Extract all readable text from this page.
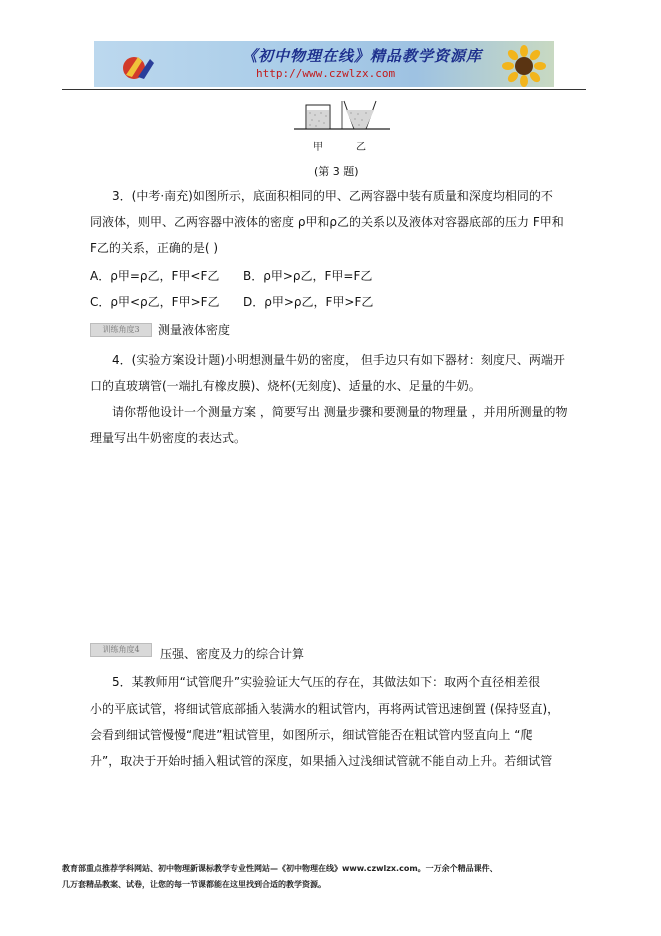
《初中物理在线》精品教学资源库
http://www.czwlzx.com
甲	乙
(第 3 题)
3．(中考·南充)如图所示，底面积相同的甲、乙两容器中装有质量和深度均相同的不
同液体，则甲、乙两容器中液体的密度 ρ甲和ρ乙的关系以及液体对容器底部的压力 F甲和
F乙的关系，正确的是( )
A．ρ甲=ρ乙，F甲<F乙 B．ρ甲>ρ乙，F甲=F乙
C．ρ甲<ρ乙，F甲>F乙 D．ρ甲>ρ乙，F甲>F乙
训练角度3	测量液体密度
4．(实验方案设计题)小明想测量牛奶的密度， 但手边只有如下器材：刻度尺、两端开
口的直玻璃管(一端扎有橡皮膜)、烧杯(无刻度)、适量的水、足量的牛奶。
请你帮他设计一个测量方案 ，简要写出 测量步骤和要测量的物理量 ，并用所测量的物
理量写出牛奶密度的表达式。
训练角度4	压强、密度及力的综合计算
5．某教师用“试管爬升”实验验证大气压的存在，其做法如下：取两个直径相差很
小的平底试管，将细试管底部插入装满水的粗试管内，再将两试管迅速倒置 (保持竖直)，
会看到细试管慢慢“爬进”粗试管里，如图所示，细试管能否在粗试管内竖直向上 “爬
升”，取决于开始时插入粗试管的深度，如果插入过浅细试管就不能自动上升。若细试管
教育部重点推荐学科网站、初中物理新课标教学专业性网站—《初中物理在线》www.czwlzx.com。一万余个精品课件、
几万套精品教案、试卷，让您的每一节课都能在这里找到合适的教学资源。
